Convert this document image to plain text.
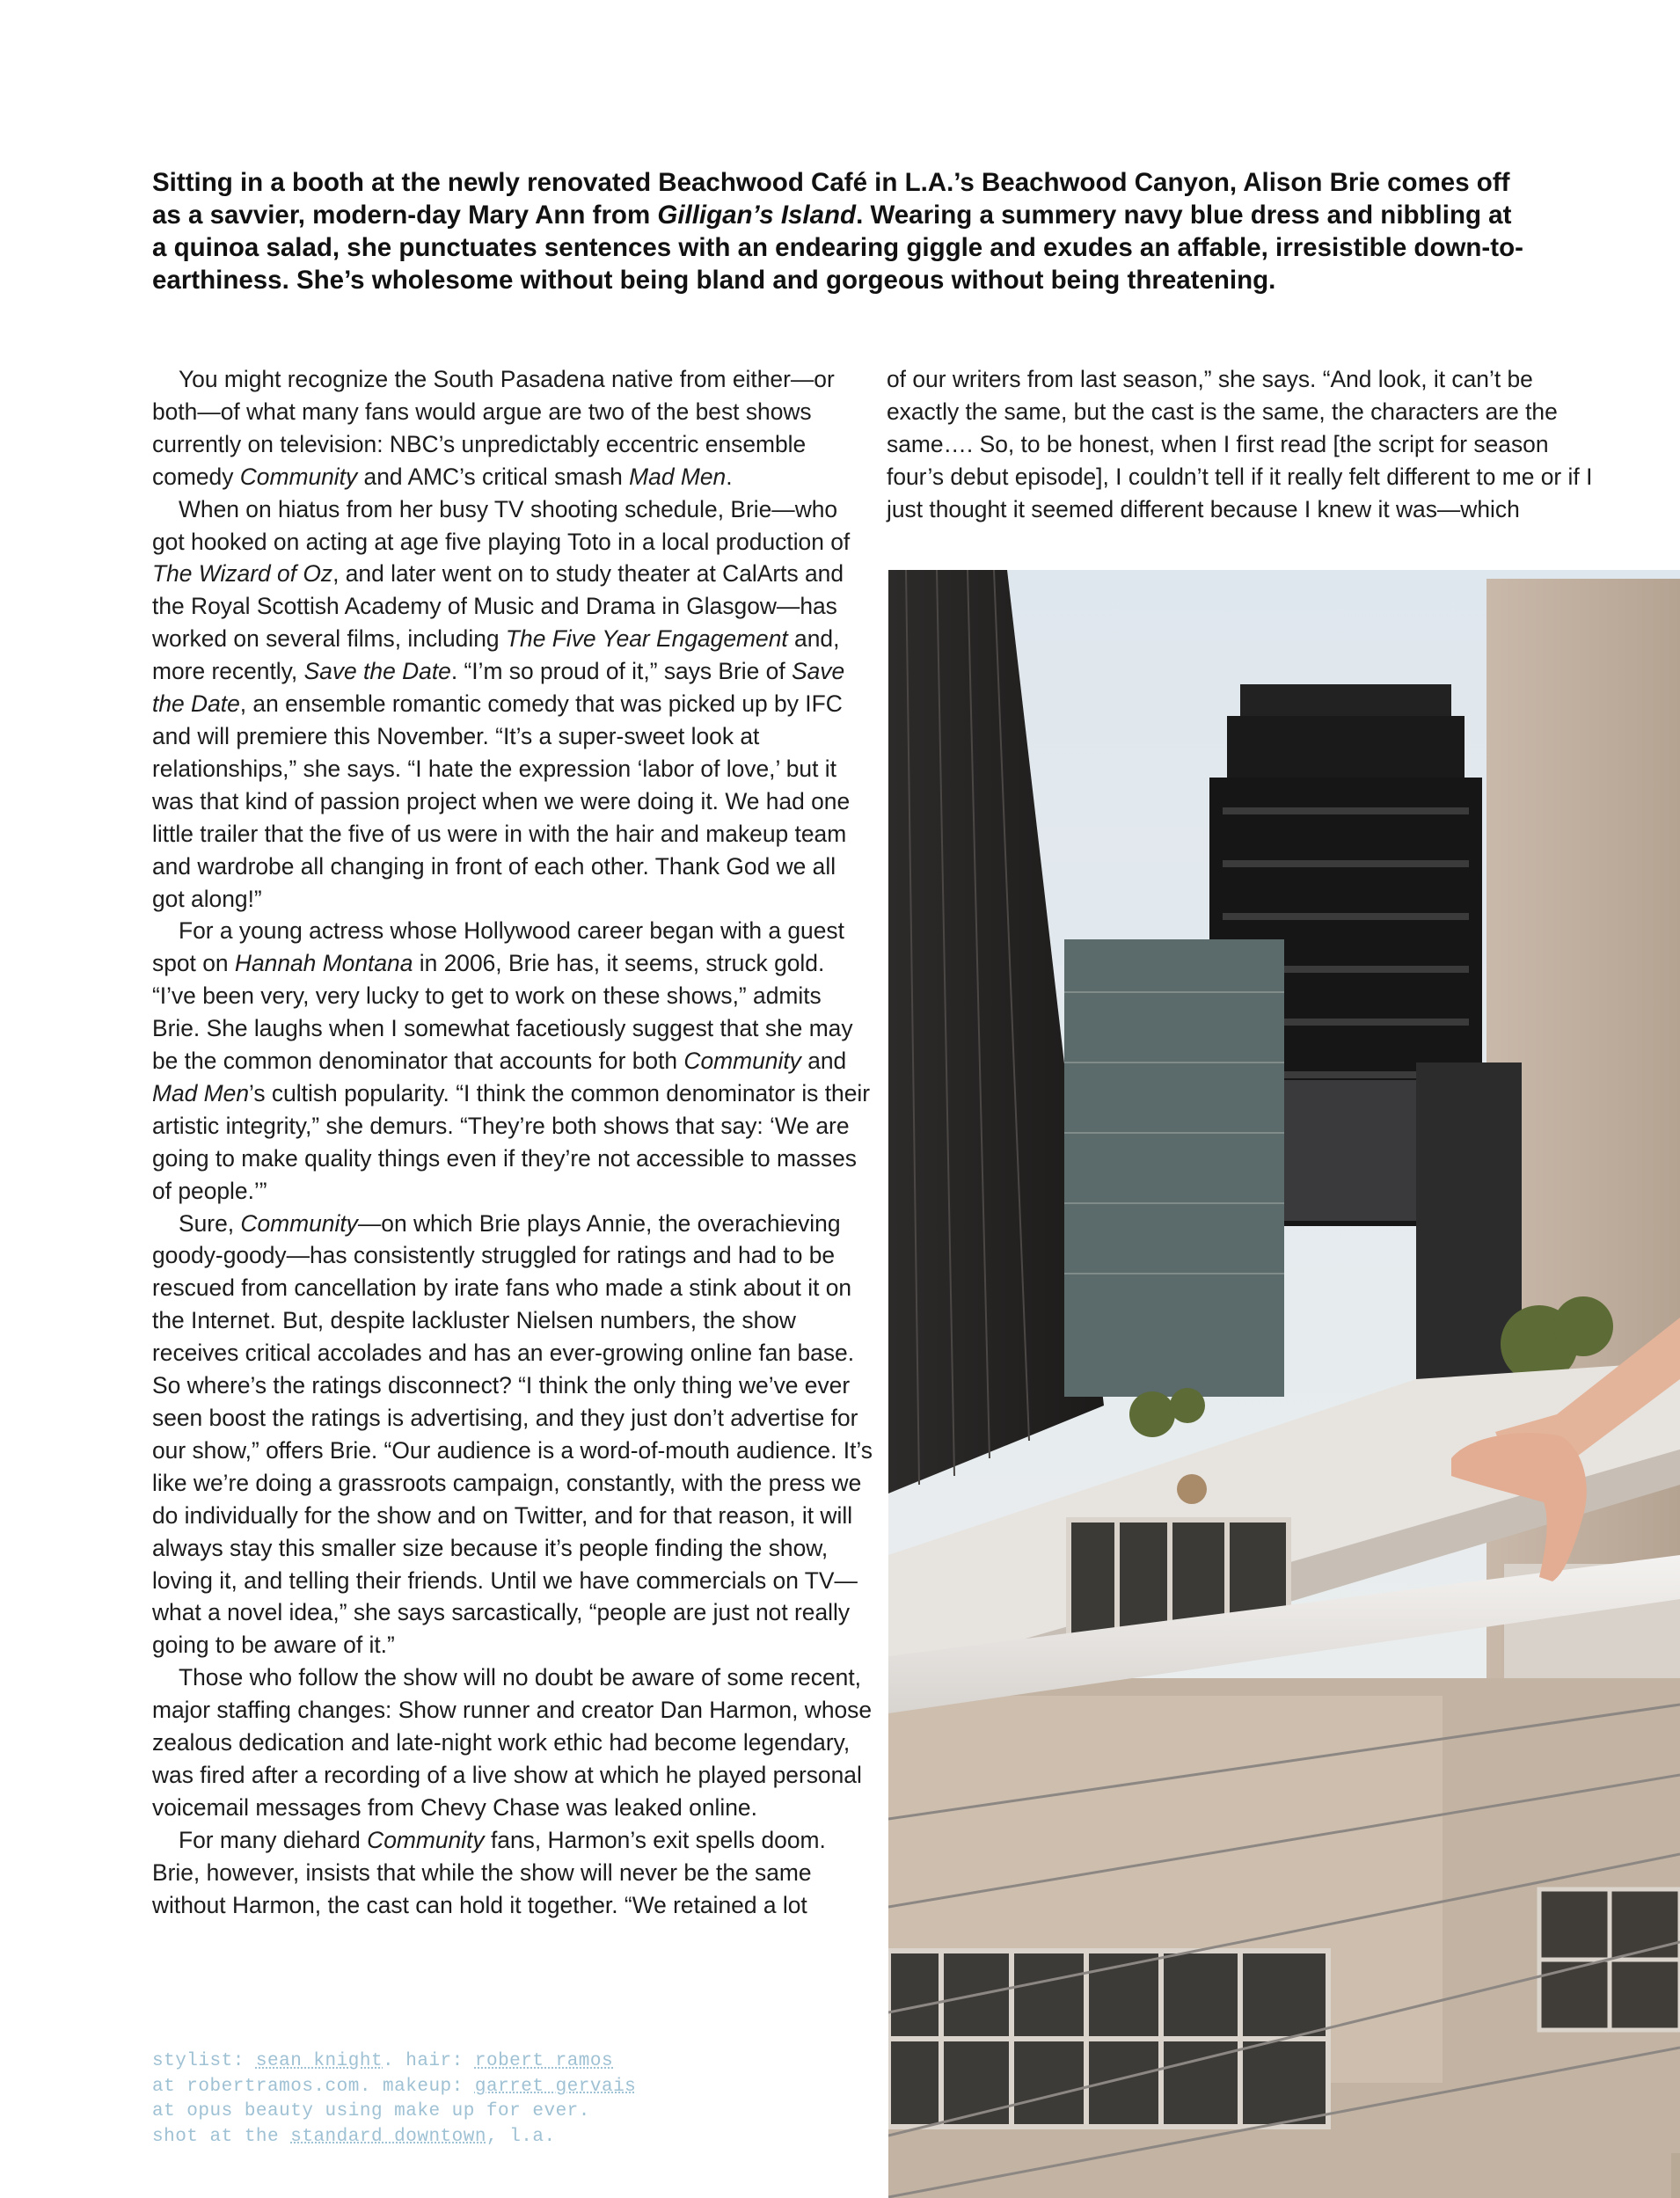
Sitting in a booth at the newly renovated Beachwood Café in L.A.’s Beachwood Canyon, Alison Brie comes off as a savvier, modern-day Mary Ann from Gilligan’s Island. Wearing a summery navy blue dress and nibbling at a quinoa salad, she punctuates sentences with an endearing giggle and exudes an affable, irresistible down-to-earthiness. She’s wholesome without being bland and gorgeous without being threatening.

You might recognize the South Pasadena native from either—or both—of what many fans would argue are two of the best shows currently on television: NBC’s unpredictably eccentric ensemble comedy Community and AMC’s critical smash Mad Men.

When on hiatus from her busy TV shooting schedule, Brie—who got hooked on acting at age five playing Toto in a local production of The Wizard of Oz, and later went on to study theater at CalArts and the Royal Scottish Academy of Music and Drama in Glasgow—has worked on several films, including The Five Year Engagement and, more recently, Save the Date. “I’m so proud of it,” says Brie of Save the Date, an ensemble romantic comedy that was picked up by IFC and will premiere this November. “It’s a super-sweet look at relationships,” she says. “I hate the expression ‘labor of love,’ but it was that kind of passion project when we were doing it. We had one little trailer that the five of us were in with the hair and makeup team and wardrobe all changing in front of each other. Thank God we all got along!”

For a young actress whose Hollywood career began with a guest spot on Hannah Montana in 2006, Brie has, it seems, struck gold. “I’ve been very, very lucky to get to work on these shows,” admits Brie. She laughs when I somewhat facetiously suggest that she may be the common denominator that accounts for both Community and Mad Men’s cultish popularity. “I think the common denominator is their artistic integrity,” she demurs. “They’re both shows that say: ‘We are going to make quality things even if they’re not accessible to masses of people.’”

Sure, Community—on which Brie plays Annie, the overachieving goody-goody—has consistently struggled for ratings and had to be rescued from cancellation by irate fans who made a stink about it on the Internet. But, despite lackluster Nielsen numbers, the show receives critical accolades and has an ever-growing online fan base. So where’s the ratings disconnect? “I think the only thing we’ve ever seen boost the ratings is advertising, and they just don’t advertise for our show,” offers Brie. “Our audience is a word-of-mouth audience. It’s like we’re doing a grassroots campaign, constantly, with the press we do individually for the show and on Twitter, and for that reason, it will always stay this smaller size because it’s people finding the show, loving it, and telling their friends. Until we have commercials on TV—what a novel idea,” she says sarcastically, “people are just not really going to be aware of it.”

Those who follow the show will no doubt be aware of some recent, major staffing changes: Show runner and creator Dan Harmon, whose zealous dedication and late-night work ethic had become legendary, was fired after a recording of a live show at which he played personal voicemail messages from Chevy Chase was leaked online.

For many diehard Community fans, Harmon’s exit spells doom. Brie, however, insists that while the show will never be the same without Harmon, the cast can hold it together. “We retained a lot

of our writers from last season,” she says. “And look, it can’t be exactly the same, but the cast is the same, the characters are the same…. So, to be honest, when I first read [the script for season four’s debut episode], I couldn’t tell if it really felt different to me or if I just thought it seemed different because I knew it was—which

stylist: sean knight. hair: robert ramos
at robertramos.com. makeup: garret gervais
at opus beauty using make up for ever.
shot at the standard downtown, l.a.
